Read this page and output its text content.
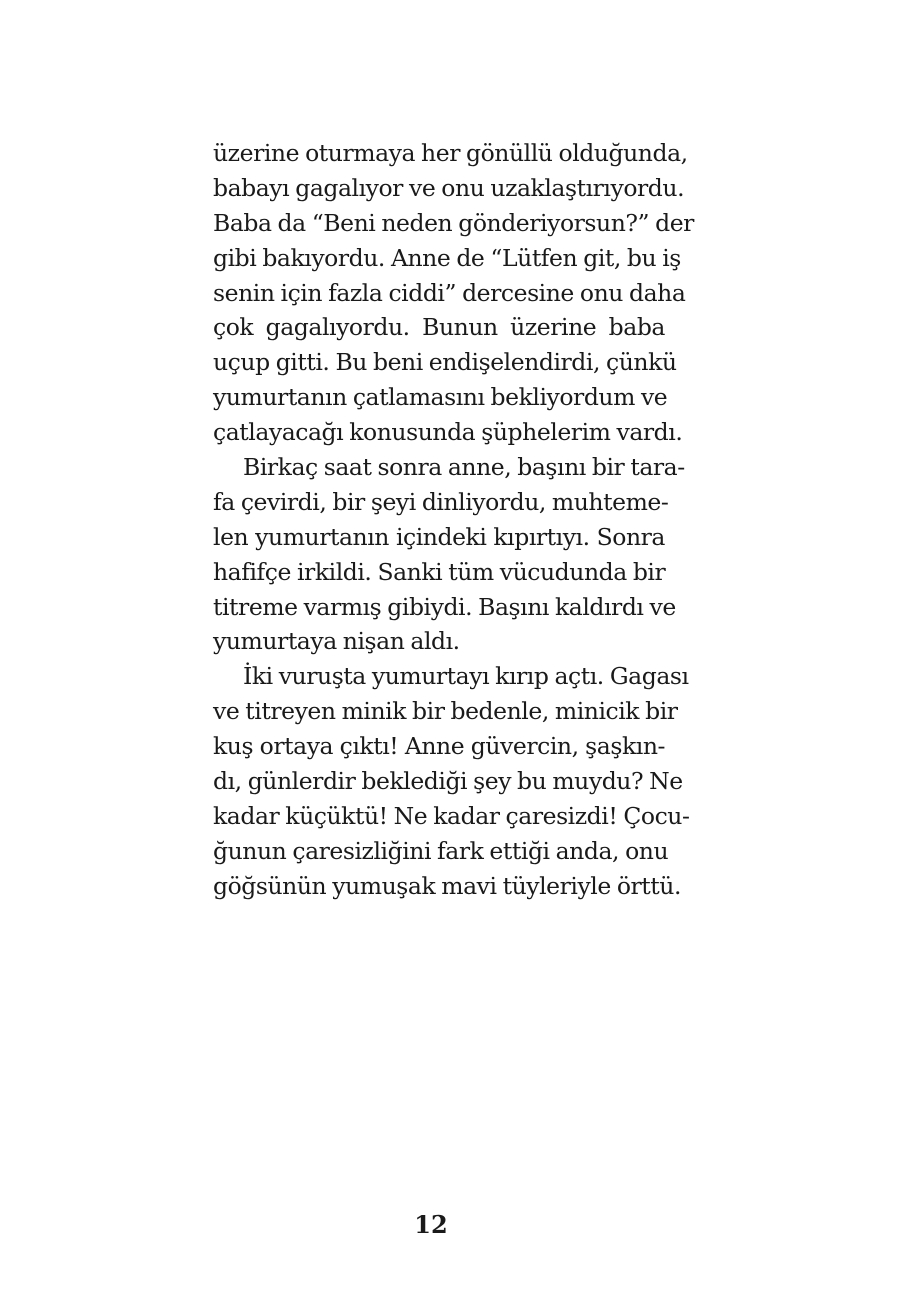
üzerine oturmaya her gönüllü olduğunda,
babayı gagalıyor ve onu uzaklaştırıyordu.
Baba da “Beni neden gönderiyorsun?” der
gibi bakıyordu. Anne de “Lütfen git, bu iş
senin için fazla ciddi” dercesine onu daha
çok gagalıyordu. Bunun üzerine baba
uçup gitti. Bu beni endişelendirdi, çünkü
yumurtanın çatlamasını bekliyordum ve
çatlayacağı konusunda şüphelerim vardı.
Birkaç saat sonra anne, başını bir tara-
fa çevirdi, bir şeyi dinliyordu, muhteme-
len yumurtanın içindeki kıpırtıyı. Sonra
hafifçe irkildi. Sanki tüm vücudunda bir
titreme varmış gibiydi. Başını kaldırdı ve
yumurtaya nişan aldı.
İki vuruşta yumurtayı kırıp açtı. Gagası
ve titreyen minik bir bedenle, minicik bir
kuş ortaya çıktı! Anne güvercin, şaşkın-
dı, günlerdir beklediği şey bu muydu? Ne
kadar küçüktü! Ne kadar çaresizdi! Çocu-
ğunun çaresizliğini fark ettiği anda, onu
göğsünün yumuşak mavi tüyleriyle örttü.
12
